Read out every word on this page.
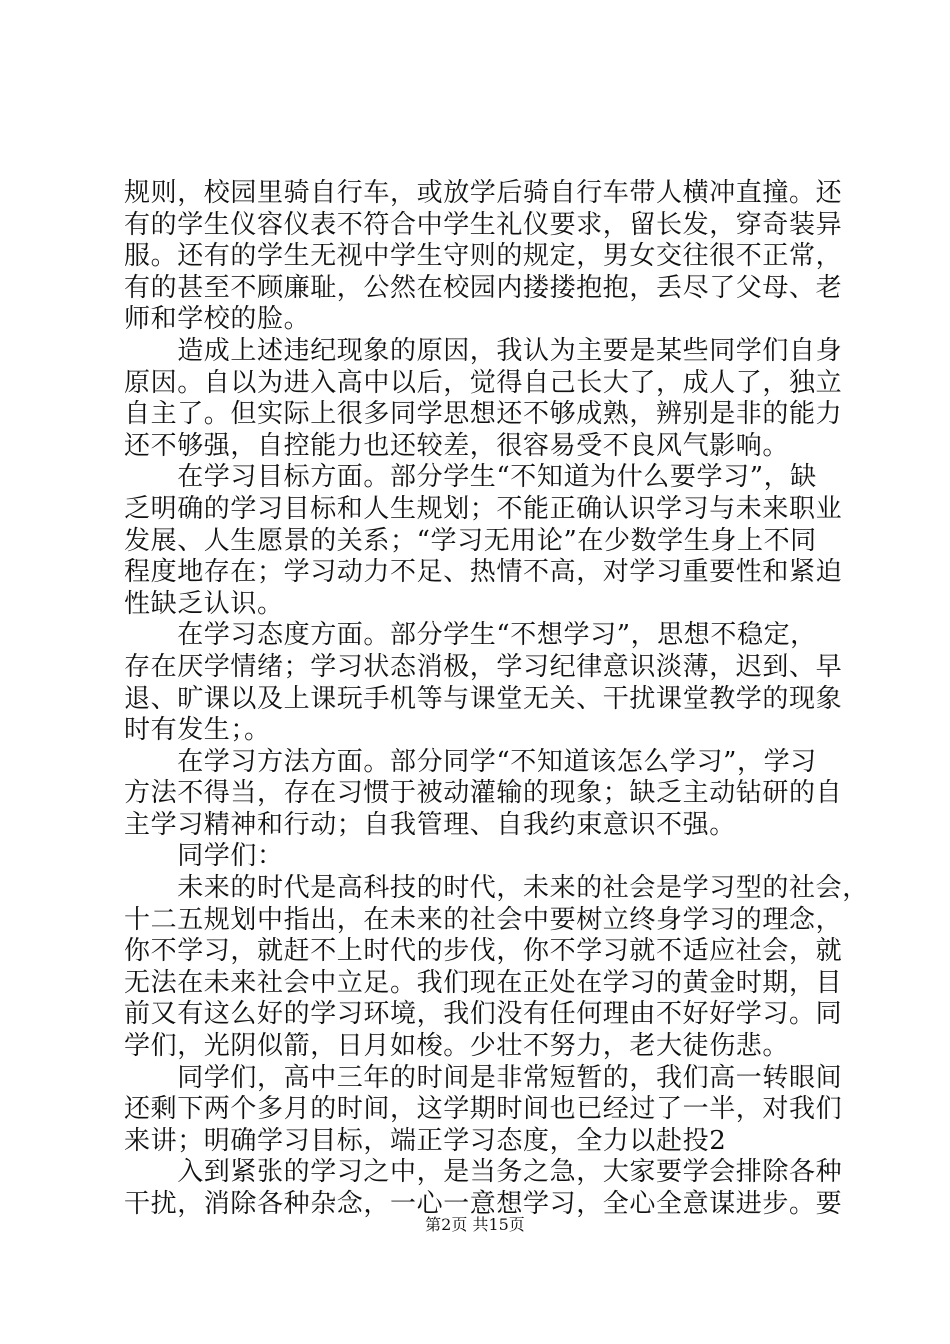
规则，校园里骑自行车，或放学后骑自行车带人横冲直撞。还
有的学生仪容仪表不符合中学生礼仪要求，留长发，穿奇装异
服。还有的学生无视中学生守则的规定，男女交往很不正常，
有的甚至不顾廉耻，公然在校园内搂搂抱抱，丢尽了父母、老
师和学校的脸。
　　造成上述违纪现象的原因，我认为主要是某些同学们自身
原因。自以为进入高中以后，觉得自己长大了，成人了，独立
自主了。但实际上很多同学思想还不够成熟，辨别是非的能力
还不够强，自控能力也还较差，很容易受不良风气影响。
　　在学习目标方面。部分学生“不知道为什么要学习”，缺
乏明确的学习目标和人生规划；不能正确认识学习与未来职业
发展、人生愿景的关系；“学习无用论”在少数学生身上不同
程度地存在；学习动力不足、热情不高，对学习重要性和紧迫
性缺乏认识。
　　在学习态度方面。部分学生“不想学习”，思想不稳定，
存在厌学情绪；学习状态消极，学习纪律意识淡薄，迟到、早
退、旷课以及上课玩手机等与课堂无关、干扰课堂教学的现象
时有发生；。
　　在学习方法方面。部分同学“不知道该怎么学习”，学习
方法不得当，存在习惯于被动灌输的现象；缺乏主动钻研的自
主学习精神和行动；自我管理、自我约束意识不强。
　　同学们：
　　未来的时代是高科技的时代，未来的社会是学习型的社会，
十二五规划中指出，在未来的社会中要树立终身学习的理念，
你不学习，就赶不上时代的步伐，你不学习就不适应社会，就
无法在未来社会中立足。我们现在正处在学习的黄金时期，目
前又有这么好的学习环境，我们没有任何理由不好好学习。同
学们，光阴似箭，日月如梭。少壮不努力，老大徒伤悲。
　　同学们，高中三年的时间是非常短暂的，我们高一转眼间
还剩下两个多月的时间，这学期时间也已经过了一半，对我们
来讲；明确学习目标，端正学习态度，全力以赴投2
　　入到紧张的学习之中，是当务之急，大家要学会排除各种
干扰，消除各种杂念，一心一意想学习，全心全意谋进步。要
第2页 共15页
